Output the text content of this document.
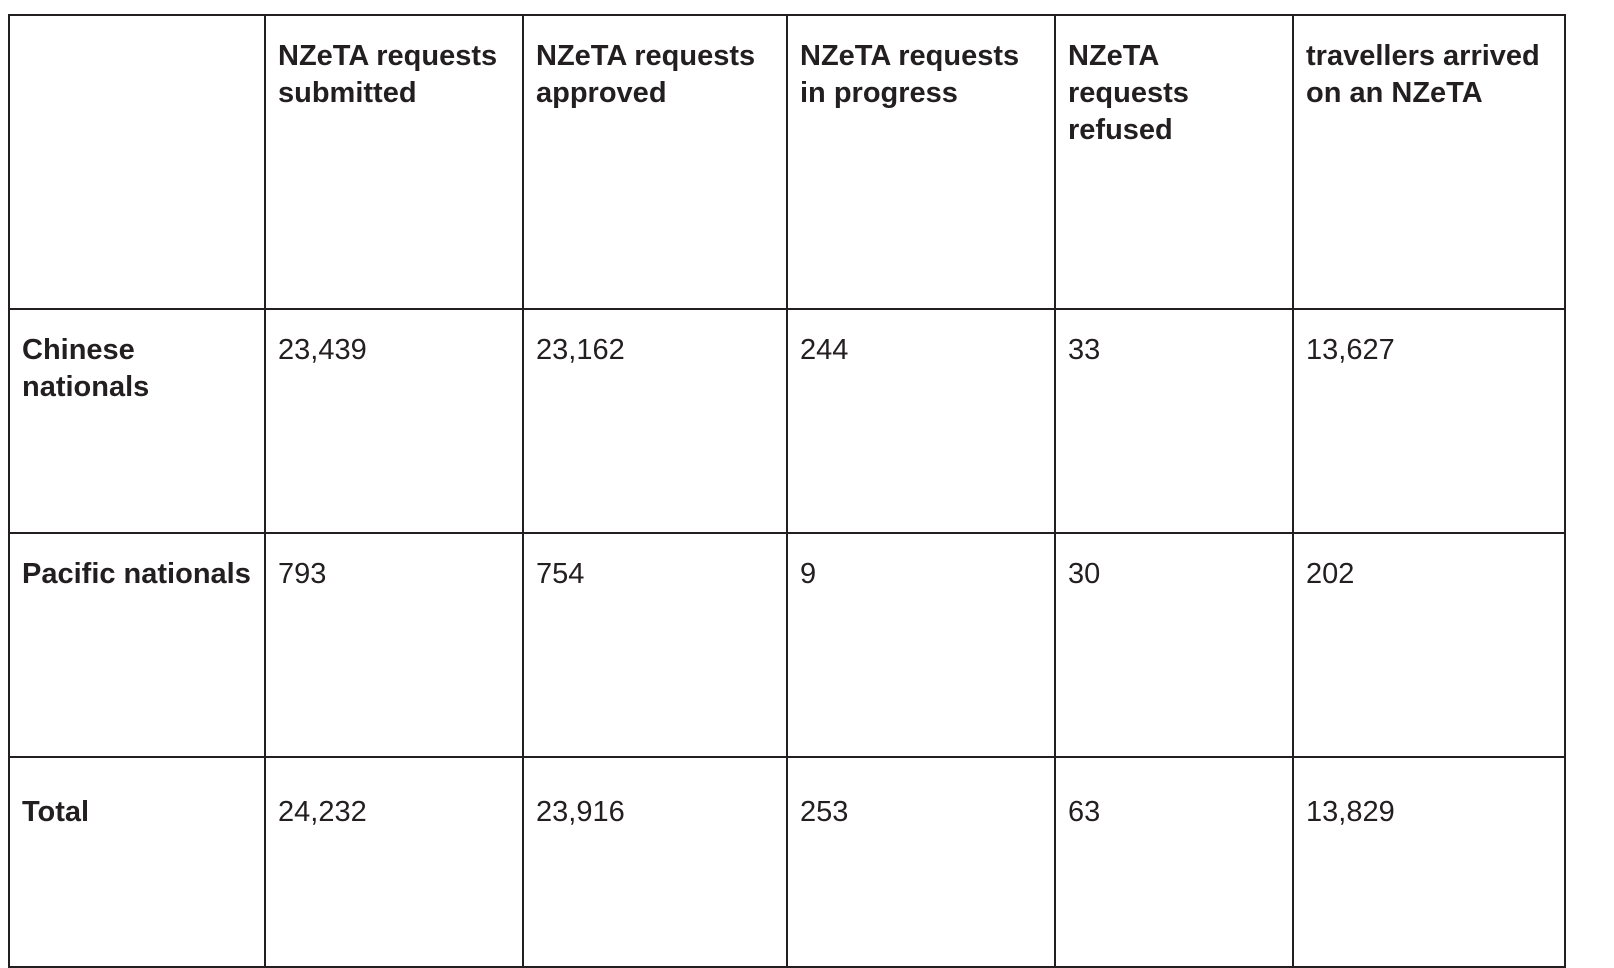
	NZeTA requests submitted	NZeTA requests approved	NZeTA requests in progress	NZeTA requests refused	travellers arrived on an NZeTA
Chinese nationals	23,439	23,162	244	33	13,627
Pacific nationals	793	754	9	30	202
Total	24,232	23,916	253	63	13,829
